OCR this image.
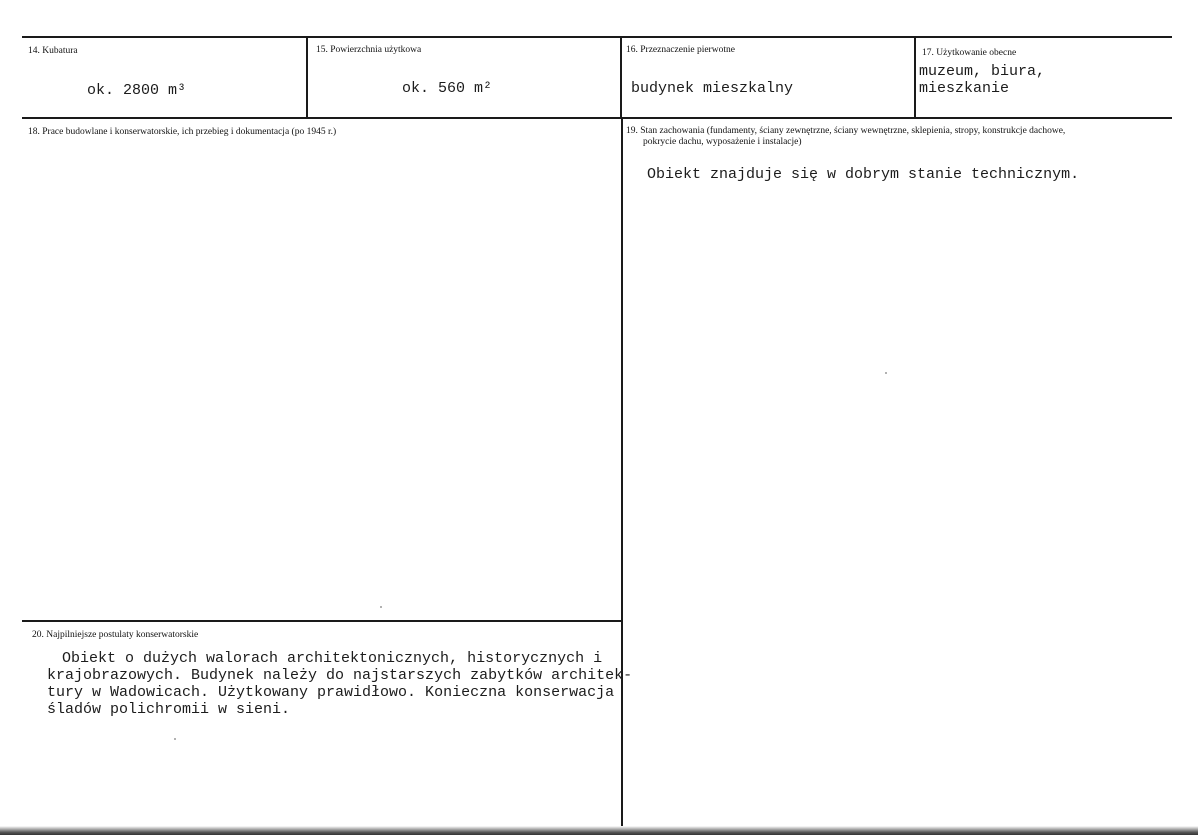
14. Kubatura
ok. 2800 m³
15. Powierzchnia użytkowa
ok. 560 m²
16. Przeznaczenie pierwotne
budynek mieszkalny
17. Użytkowanie obecne
muzeum, biura,
mieszkanie
18. Prace budowlane i konserwatorskie, ich przebieg i dokumentacja (po 1945 r.)	19. Stan zachowania (fundamenty, ściany zewnętrzne, ściany wewnętrzne, sklepienia, stropy, konstrukcje dachowe,
pokrycie dachu, wyposażenie i instalacje)
Obiekt znajduje się w dobrym stanie technicznym.
20. Najpilniejsze postulaty konserwatorskie
Obiekt o dużych walorach architektonicznych, historycznych i
krajobrazowych. Budynek należy do najstarszych zabytków architek-
tury w Wadowicach. Użytkowany prawidłowo. Konieczna konserwacja
śladów polichromii w sieni.
